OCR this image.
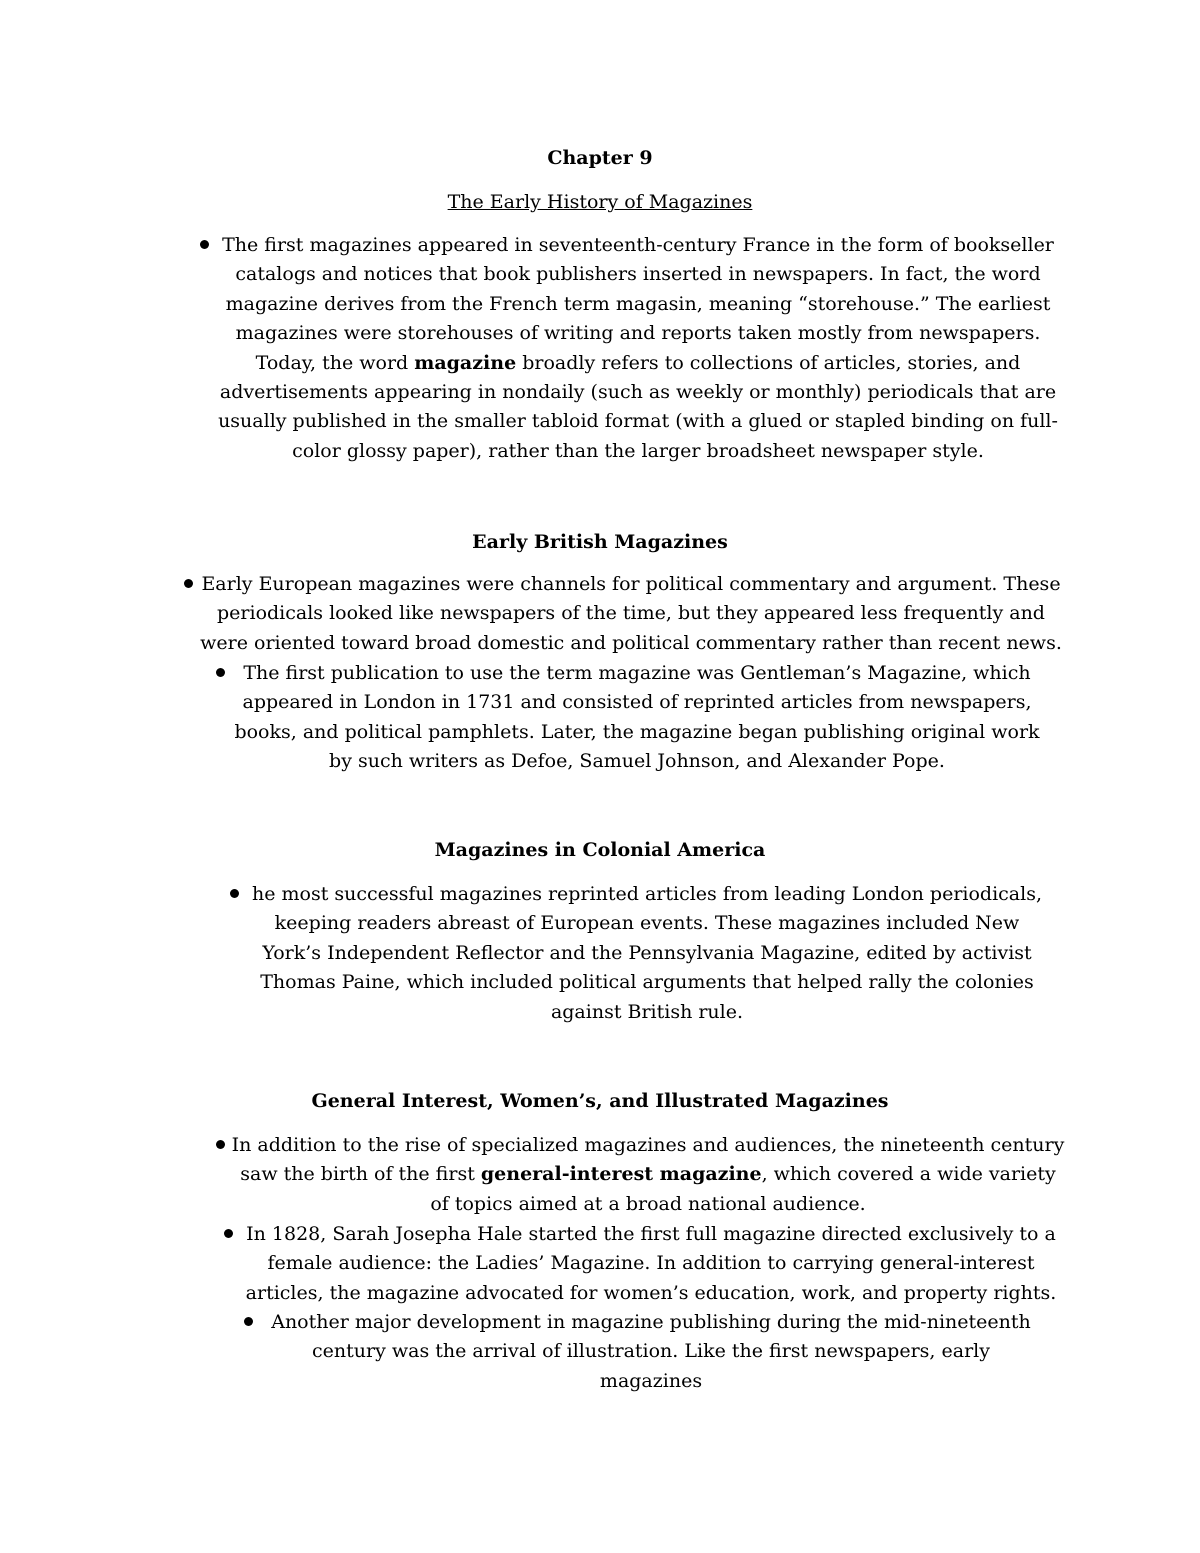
Chapter 9
The Early History of Magazines

The first magazines appeared in seventeenth-century France in the form of bookseller catalogs and notices that book publishers inserted in newspapers. In fact, the word magazine derives from the French term magasin, meaning “storehouse.” The earliest magazines were storehouses of writing and reports taken mostly from newspapers. Today, the word magazine broadly refers to collections of articles, stories, and advertisements appearing in nondaily (such as weekly or monthly) periodicals that are usually published in the smaller tabloid format (with a glued or stapled binding on full-color glossy paper), rather than the larger broadsheet newspaper style.

Early British Magazines

Early European magazines were channels for political commentary and argument. These periodicals looked like newspapers of the time, but they appeared less frequently and were oriented toward broad domestic and political commentary rather than recent news.

The first publication to use the term magazine was Gentleman’s Magazine, which appeared in London in 1731 and consisted of reprinted articles from newspapers, books, and political pamphlets. Later, the magazine began publishing original work by such writers as Defoe, Samuel Johnson, and Alexander Pope.

Magazines in Colonial America

he most successful magazines reprinted articles from leading London periodicals, keeping readers abreast of European events. These magazines included New York’s Independent Reflector and the Pennsylvania Magazine, edited by activist Thomas Paine, which included political arguments that helped rally the colonies against British rule.

General Interest, Women’s, and Illustrated Magazines

In addition to the rise of specialized magazines and audiences, the nineteenth century saw the birth of the first general-interest magazine, which covered a wide variety of topics aimed at a broad national audience.

In 1828, Sarah Josepha Hale started the first full magazine directed exclusively to a female audience: the Ladies’ Magazine. In addition to carrying general-interest articles, the magazine advocated for women’s education, work, and property rights.

Another major development in magazine publishing during the mid-nineteenth century was the arrival of illustration. Like the first newspapers, early magazines
